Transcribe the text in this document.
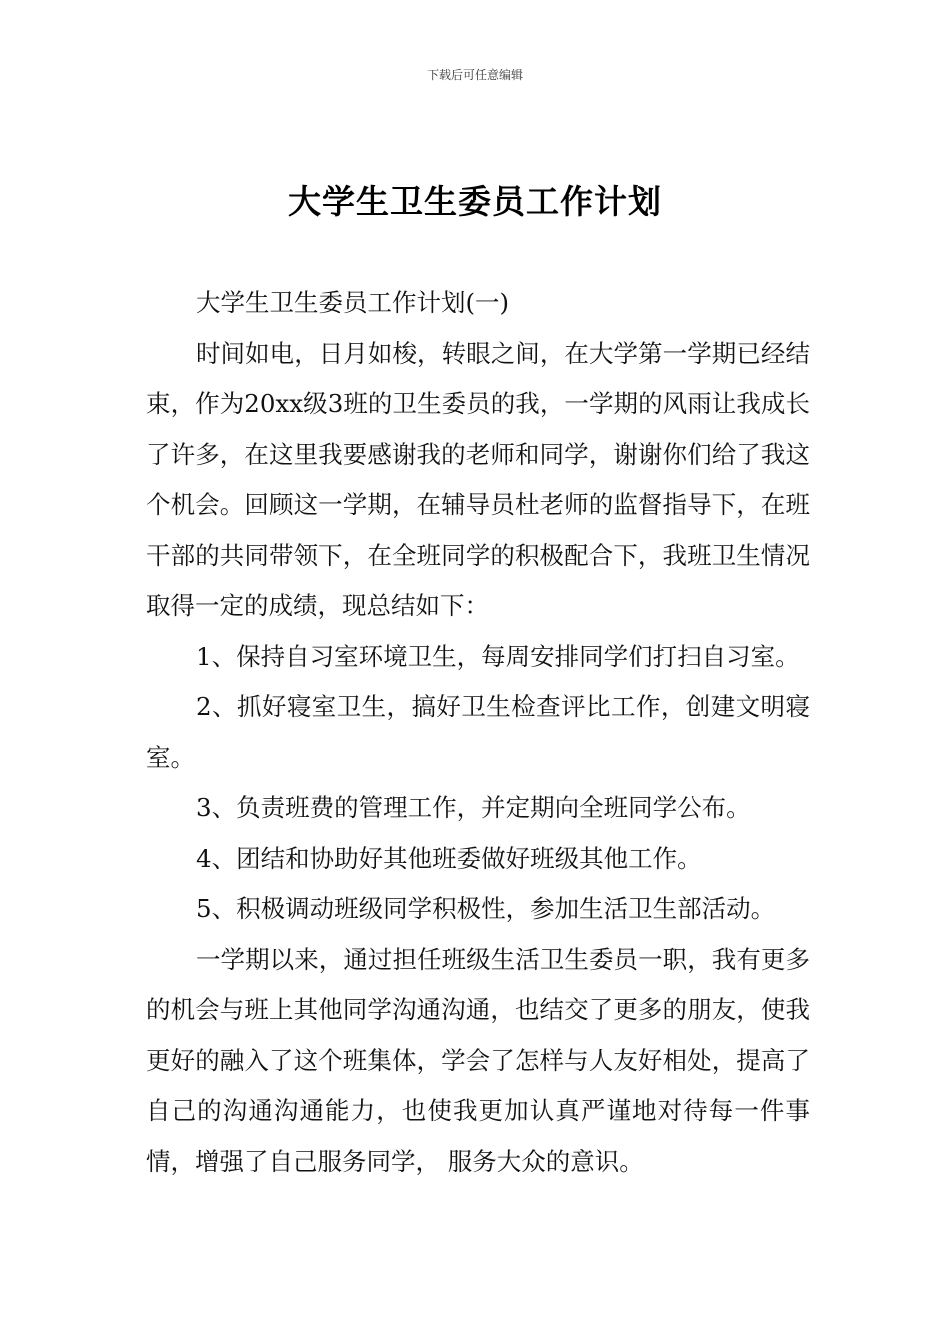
下载后可任意编辑
大学生卫生委员工作计划

大学生卫生委员工作计划(一)

时间如电，日月如梭，转眼之间，在大学第一学期已经结束，作为20xx级3班的卫生委员的我，一学期的风雨让我成长了许多，在这里我要感谢我的老师和同学，谢谢你们给了我这个机会。回顾这一学期，在辅导员杜老师的监督指导下，在班干部的共同带领下，在全班同学的积极配合下，我班卫生情况取得一定的成绩，现总结如下：

1、保持自习室环境卫生，每周安排同学们打扫自习室。

2、抓好寝室卫生，搞好卫生检查评比工作，创建文明寝室。

3、负责班费的管理工作，并定期向全班同学公布。

4、团结和协助好其他班委做好班级其他工作。

5、积极调动班级同学积极性，参加生活卫生部活动。

一学期以来，通过担任班级生活卫生委员一职，我有更多的机会与班上其他同学沟通沟通，也结交了更多的朋友，使我更好的融入了这个班集体，学会了怎样与人友好相处，提高了自己的沟通沟通能力，也使我更加认真严谨地对待每一件事情，增强了自己服务同学， 服务大众的意识。
